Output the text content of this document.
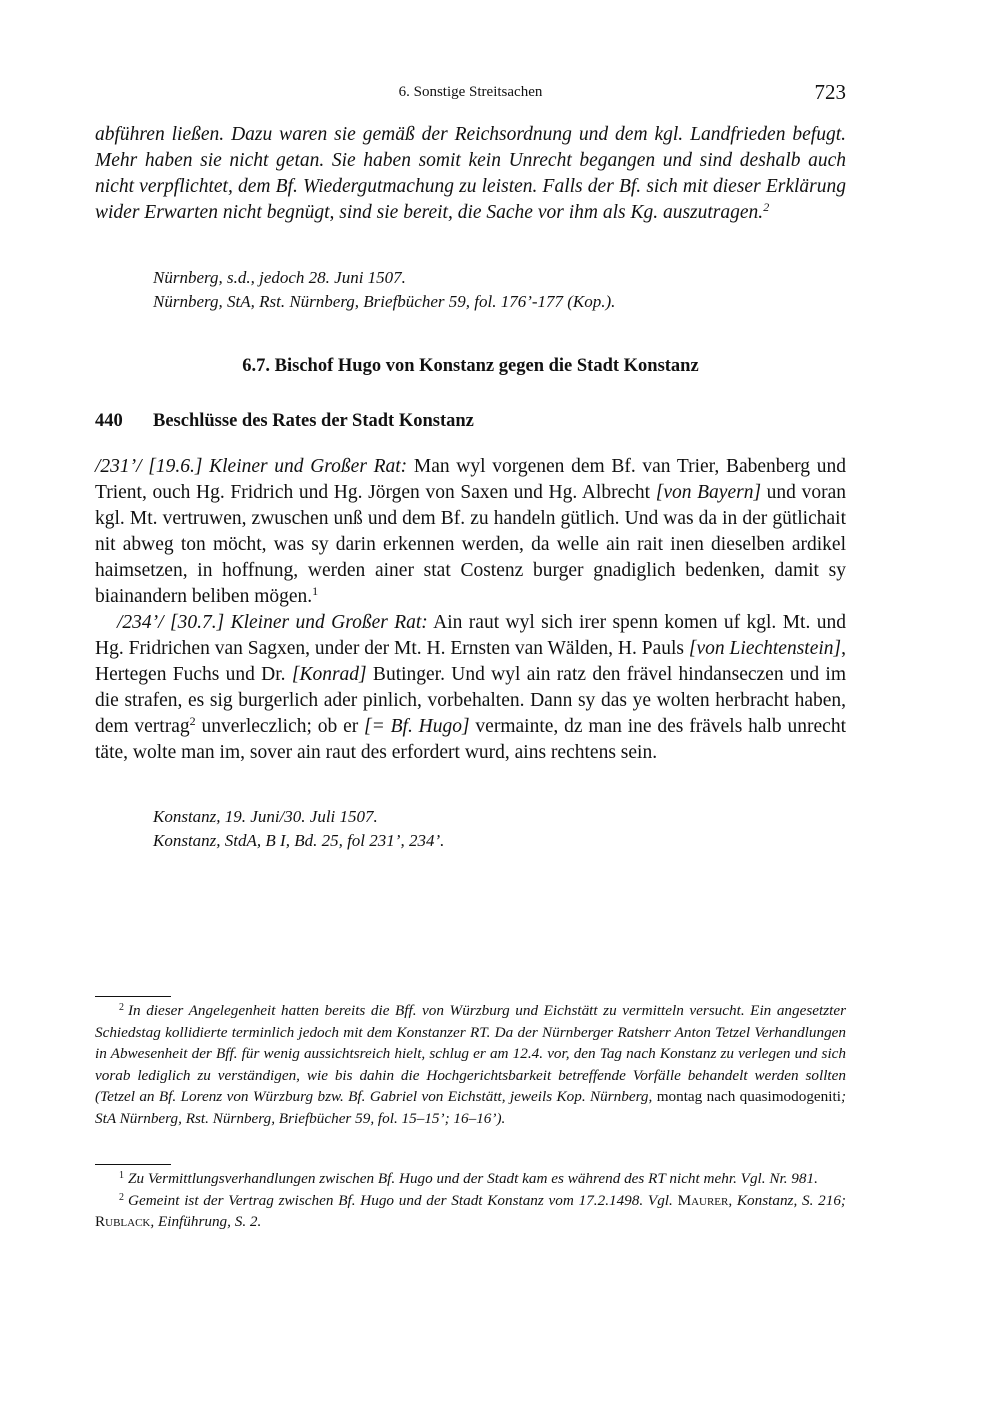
6. Sonstige Streitsachen	723
abführen ließen. Dazu waren sie gemäß der Reichsordnung und dem kgl. Landfrieden befugt. Mehr haben sie nicht getan. Sie haben somit kein Unrecht begangen und sind deshalb auch nicht verpflichtet, dem Bf. Wiedergutmachung zu leisten. Falls der Bf. sich mit dieser Erklärung wider Erwarten nicht begnügt, sind sie bereit, die Sache vor ihm als Kg. auszutragen.$^2$
Nürnberg, s.d., jedoch 28. Juni 1507.
Nürnberg, StA, Rst. Nürnberg, Briefbücher 59, fol. 176’-177 (Kop.).
6.7. Bischof Hugo von Konstanz gegen die Stadt Konstanz
440 Beschlüsse des Rates der Stadt Konstanz
/231’/ [19.6.] Kleiner und Großer Rat: Man wyl vorgenen dem Bf. van Trier, Babenberg und Trient, ouch Hg. Fridrich und Hg. Jörgen von Saxen und Hg. Albrecht [von Bayern] und voran kgl. Mt. vertruwen, zwuschen unß und dem Bf. zu handeln gütlich. Und was da in der gütlichait nit abweg ton möcht, was sy darin erkennen werden, da welle ain rait inen dieselben ardikel haimsetzen, in hoffnung, werden ainer stat Costenz burger gnadiglich bedenken, damit sy biainandern beliben mögen.$^1$
/234’/ [30.7.] Kleiner und Großer Rat: Ain raut wyl sich irer spenn komen uf kgl. Mt. und Hg. Fridrichen van Sagxen, under der Mt. H. Ernsten van Wälden, H. Pauls [von Liechtenstein], Hertegen Fuchs und Dr. [Konrad] Butinger. Und wyl ain ratz den frävel hindanseczen und im die strafen, es sig burgerlich ader pinlich, vorbehalten. Dann sy das ye wolten herbracht haben, dem vertrag$^2$ unverleczlich; ob er [= Bf. Hugo] vermainte, dz man ine des frävels halb unrecht täte, wolte man im, sover ain raut des erfordert wurd, ains rechtens sein.
Konstanz, 19. Juni/30. Juli 1507.
Konstanz, StdA, B I, Bd. 25, fol 231’, 234’.
$^2$ In dieser Angelegenheit hatten bereits die Bff. von Würzburg und Eichstätt zu vermitteln versucht. Ein angesetzter Schiedstag kollidierte terminlich jedoch mit dem Konstanzer RT. Da der Nürnberger Ratsherr Anton Tetzel Verhandlungen in Abwesenheit der Bff. für wenig aussichtsreich hielt, schlug er am 12.4. vor, den Tag nach Konstanz zu verlegen und sich vorab lediglich zu verständigen, wie bis dahin die Hochgerichtsbarkeit betreffende Vorfälle behandelt werden sollten (Tetzel an Bf. Lorenz von Würzburg bzw. Bf. Gabriel von Eichstätt, jeweils Kop. Nürnberg, montag nach quasimodogeniti; StA Nürnberg, Rst. Nürnberg, Briefbücher 59, fol. 15–15’; 16–16’).
$^1$ Zu Vermittlungsverhandlungen zwischen Bf. Hugo und der Stadt kam es während des RT nicht mehr. Vgl. Nr. 981.
$^2$ Gemeint ist der Vertrag zwischen Bf. Hugo und der Stadt Konstanz vom 17.2.1498. Vgl. Maurer, Konstanz, S. 216; Rublack, Einführung, S. 2.
